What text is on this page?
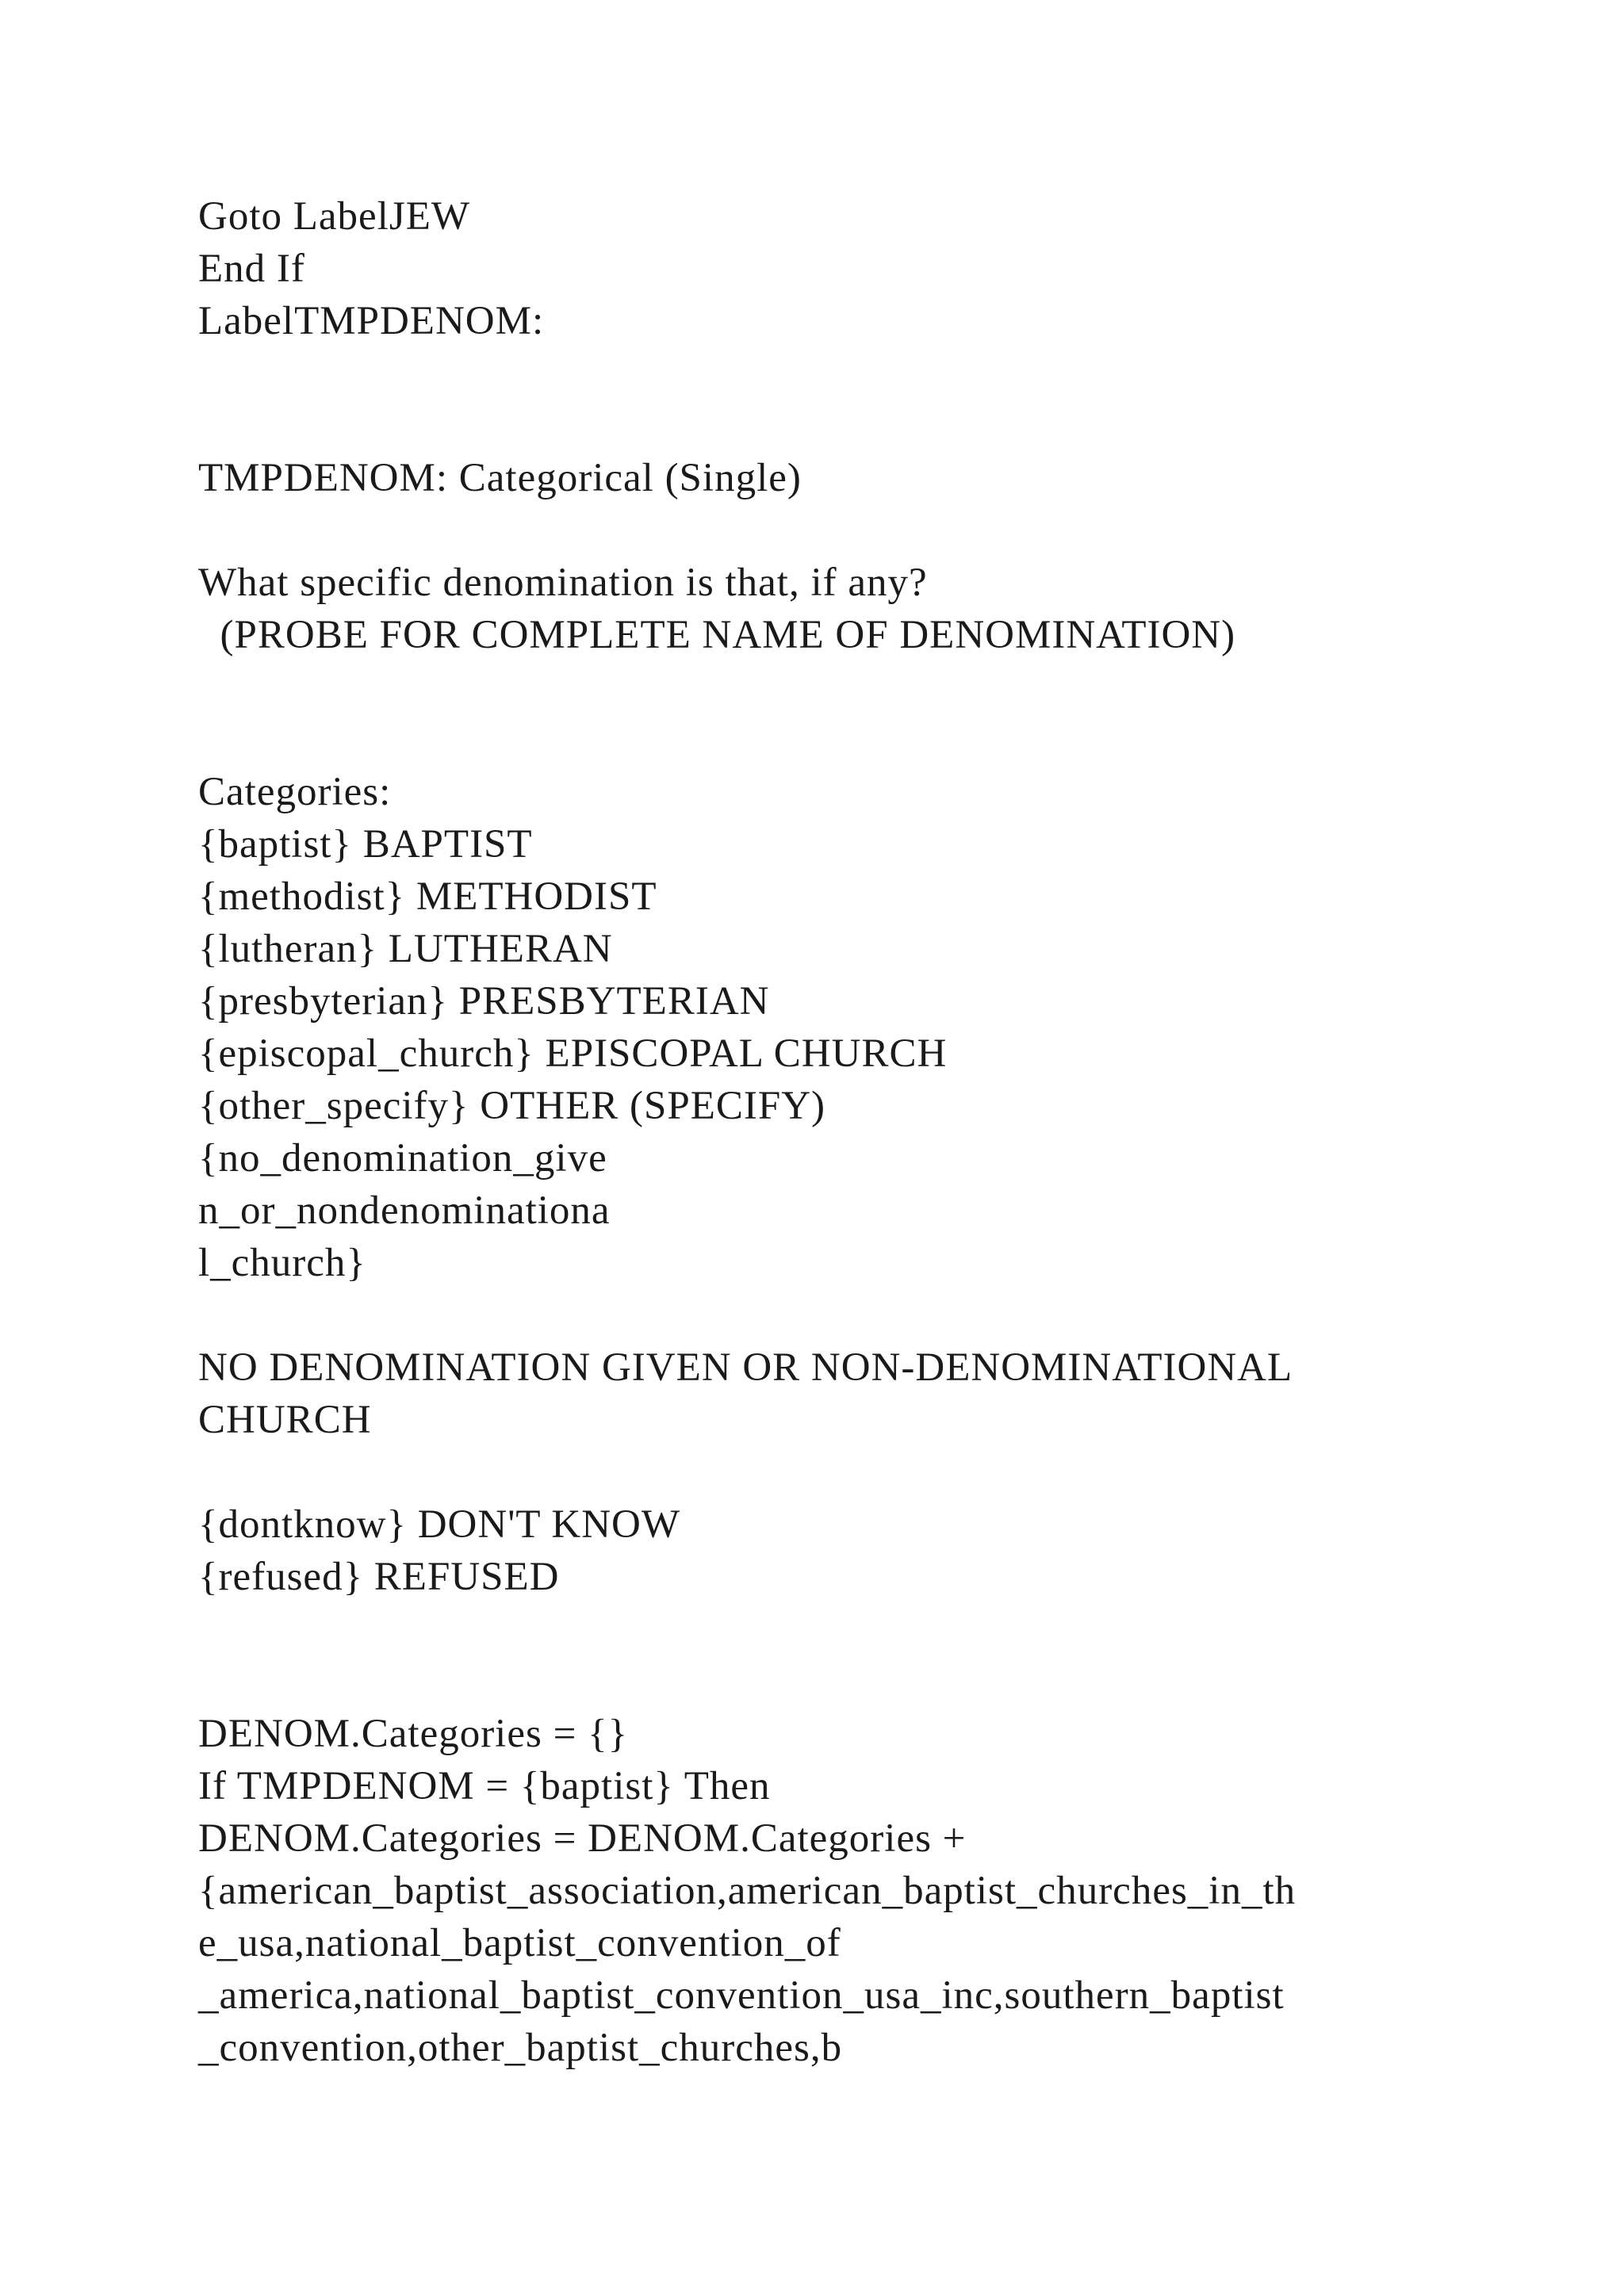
Goto LabelJEW
End If
LabelTMPDENOM:
TMPDENOM: Categorical (Single)
What specific denomination is that, if any?
(PROBE FOR COMPLETE NAME OF DENOMINATION)
Categories:
{baptist} BAPTIST
{methodist} METHODIST
{lutheran} LUTHERAN
{presbyterian} PRESBYTERIAN
{episcopal_church} EPISCOPAL CHURCH
{other_specify} OTHER (SPECIFY)
{no_denomination_give
n_or_nondenominationa
l_church}
NO DENOMINATION GIVEN OR NON-DENOMINATIONAL
CHURCH
{dontknow} DON'T KNOW
{refused} REFUSED
DENOM.Categories = {}
If TMPDENOM = {baptist} Then
DENOM.Categories = DENOM.Categories +
{american_baptist_association,american_baptist_churches_in_th
e_usa,national_baptist_convention_of
_america,national_baptist_convention_usa_inc,southern_baptist
_convention,other_baptist_churches,b
